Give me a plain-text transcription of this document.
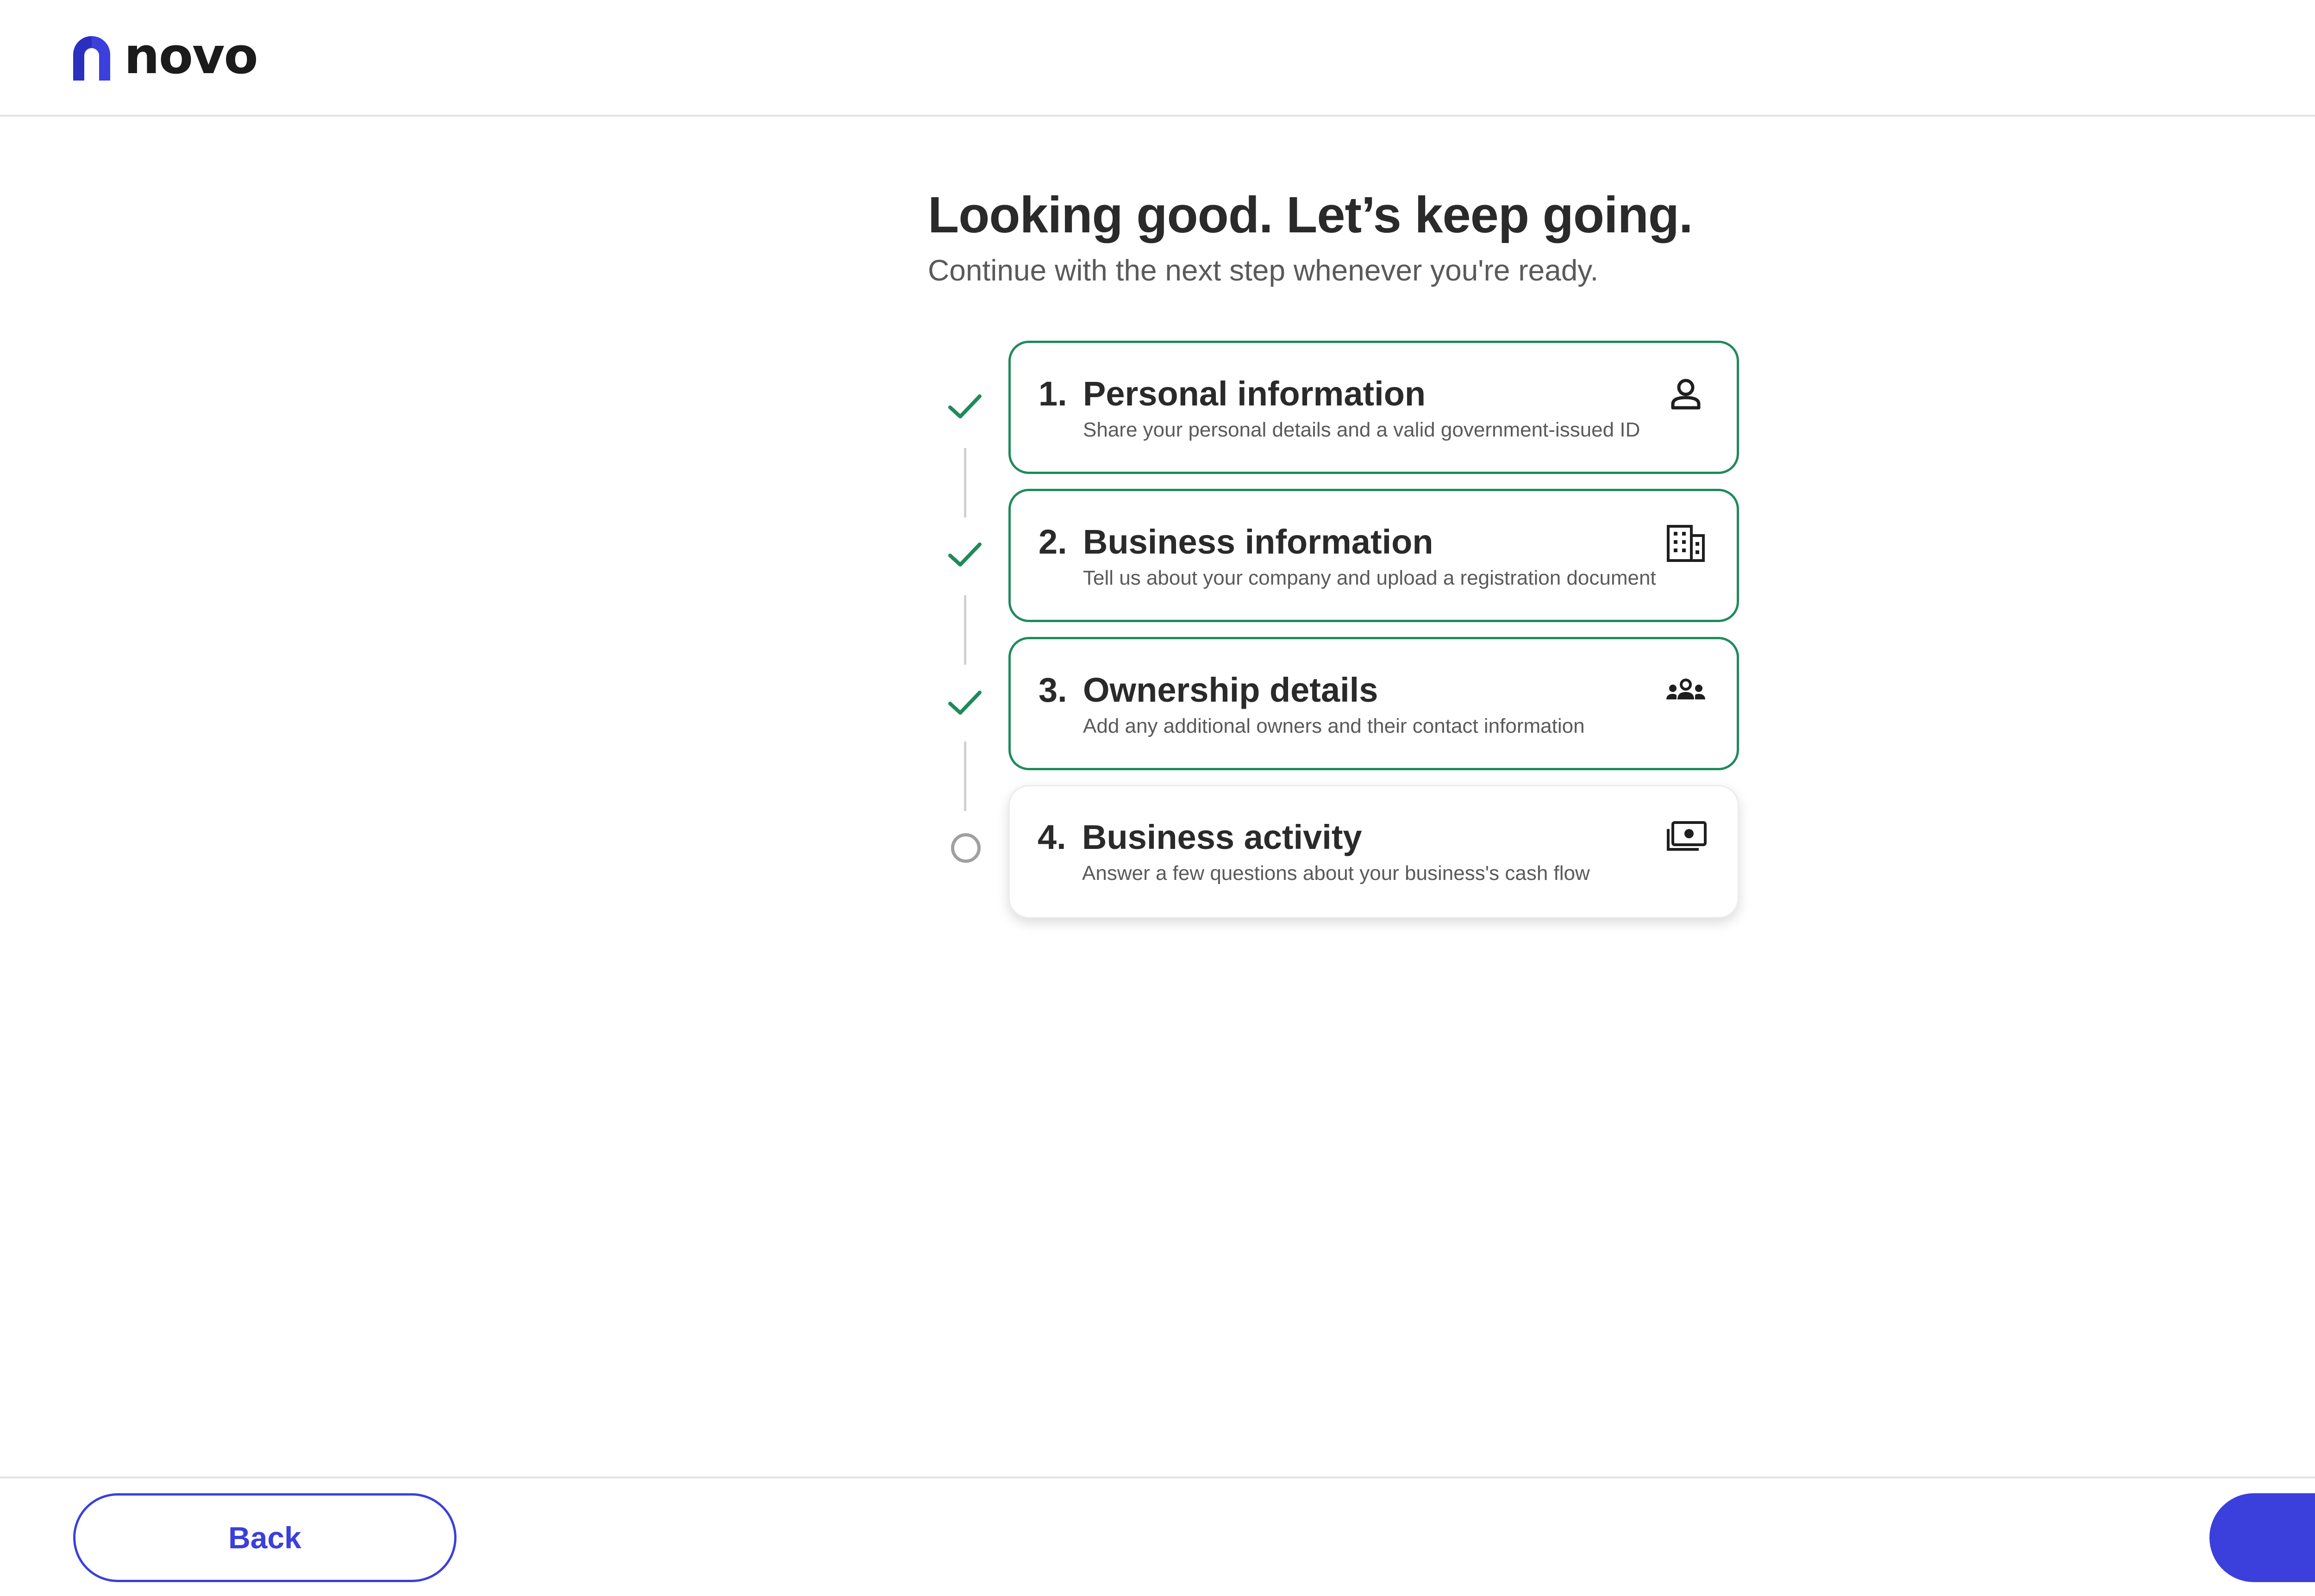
novo
Looking good. Let’s keep going.

Continue with the next step whenever you're ready.

1. Personal information
Share your personal details and a valid government-issued ID
2. Business information
Tell us about your company and upload a registration document
3. Ownership details
Add any additional owners and their contact information
4. Business activity
Answer a few questions about your business's cash flow
Back
